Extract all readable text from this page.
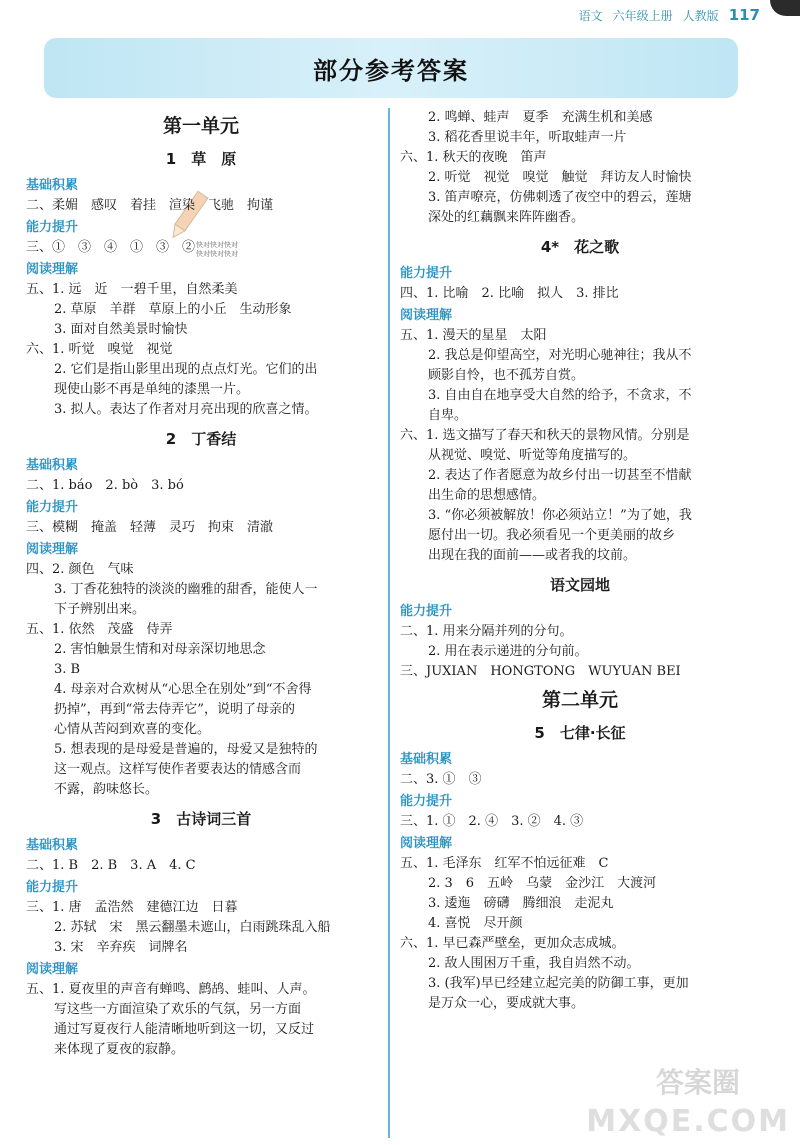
语文 六年级上册 人教版 117
部分参考答案
快对快对快对
快对快对快对
第一单元
1　草　原
基础积累
二、柔媚　感叹　着挂　渲染　飞驰　拘谨
能力提升
三、①　③　④　①　③　②
阅读理解
五、1. 远　近　一碧千里，自然柔美
2. 草原　羊群　草原上的小丘　生动形象
3. 面对自然美景时愉快
六、1. 听觉　嗅觉　视觉
2. 它们是指山影里出现的点点灯光。它们的出
现使山影不再是单纯的漆黑一片。
3. 拟人。表达了作者对月亮出现的欣喜之情。
2　丁香结
基础积累
二、1. báo　2. bò　3. bó
能力提升
三、模糊　掩盖　轻薄　灵巧　拘束　清澈
阅读理解
四、2. 颜色　气味
3. 丁香花独特的淡淡的幽雅的甜香，能使人一
下子辨别出来。
五、1. 依然　茂盛　侍弄
2. 害怕触景生情和对母亲深切地思念
3. B
4. 母亲对合欢树从“心思全在别处”到“不舍得
扔掉”，再到“常去侍弄它”，说明了母亲的
心情从苦闷到欢喜的变化。
5. 想表现的是母爱是普遍的，母爱又是独特的
这一观点。这样写使作者要表达的情感含而
不露，韵味悠长。
3　古诗词三首
基础积累
二、1. B　2. B　3. A　4. C
能力提升
三、1. 唐　孟浩然　建德江边　日暮
2. 苏轼　宋　黑云翻墨未遮山，白雨跳珠乱入船
3. 宋　辛弃疾　词牌名
阅读理解
五、1. 夏夜里的声音有蝉鸣、鹧鸪、蛙叫、人声。
写这些一方面渲染了欢乐的气氛，另一方面
通过写夏夜行人能清晰地听到这一切，又反过
来体现了夏夜的寂静。
2. 鸣蝉、蛙声　夏季　充满生机和美感
3. 稻花香里说丰年，听取蛙声一片
六、1. 秋天的夜晚　笛声
2. 听觉　视觉　嗅觉　触觉　拜访友人时愉快
3. 笛声嘹亮，仿佛刺透了夜空中的碧云，莲塘
深处的红藕飘来阵阵幽香。
4*　花之歌
能力提升
四、1. 比喻　2. 比喻　拟人　3. 排比
阅读理解
五、1. 漫天的星星　太阳
2. 我总是仰望高空，对光明心驰神往；我从不
顾影自怜，也不孤芳自赏。
3. 自由自在地享受大自然的给予，不贪求，不
自卑。
六、1. 选文描写了春天和秋天的景物风情。分别是
从视觉、嗅觉、听觉等角度描写的。
2. 表达了作者愿意为故乡付出一切甚至不惜献
出生命的思想感情。
3. “你必须被解放！你必须站立！”为了她，我
愿付出一切。我必须看见一个更美丽的故乡
出现在我的面前——或者我的坟前。
语文园地
能力提升
二、1. 用来分隔并列的分句。
2. 用在表示递进的分句前。
三、JUXIAN　HONGTONG　WUYUAN BEI
第二单元
5　七律·长征
基础积累
二、3. ①　③
能力提升
三、1. ①　2. ④　3. ②　4. ③
阅读理解
五、1. 毛泽东　红军不怕远征难　C
2. 3　6　五岭　乌蒙　金沙江　大渡河
3. 逶迤　磅礴　腾细浪　走泥丸
4. 喜悦　尽开颜
六、1. 早已森严壁垒，更加众志成城。
2. 敌人围困万千重，我自岿然不动。
3. (我军)早已经建立起完美的防御工事，更加
是万众一心，要成就大事。
答案圈
MXQE.COM
